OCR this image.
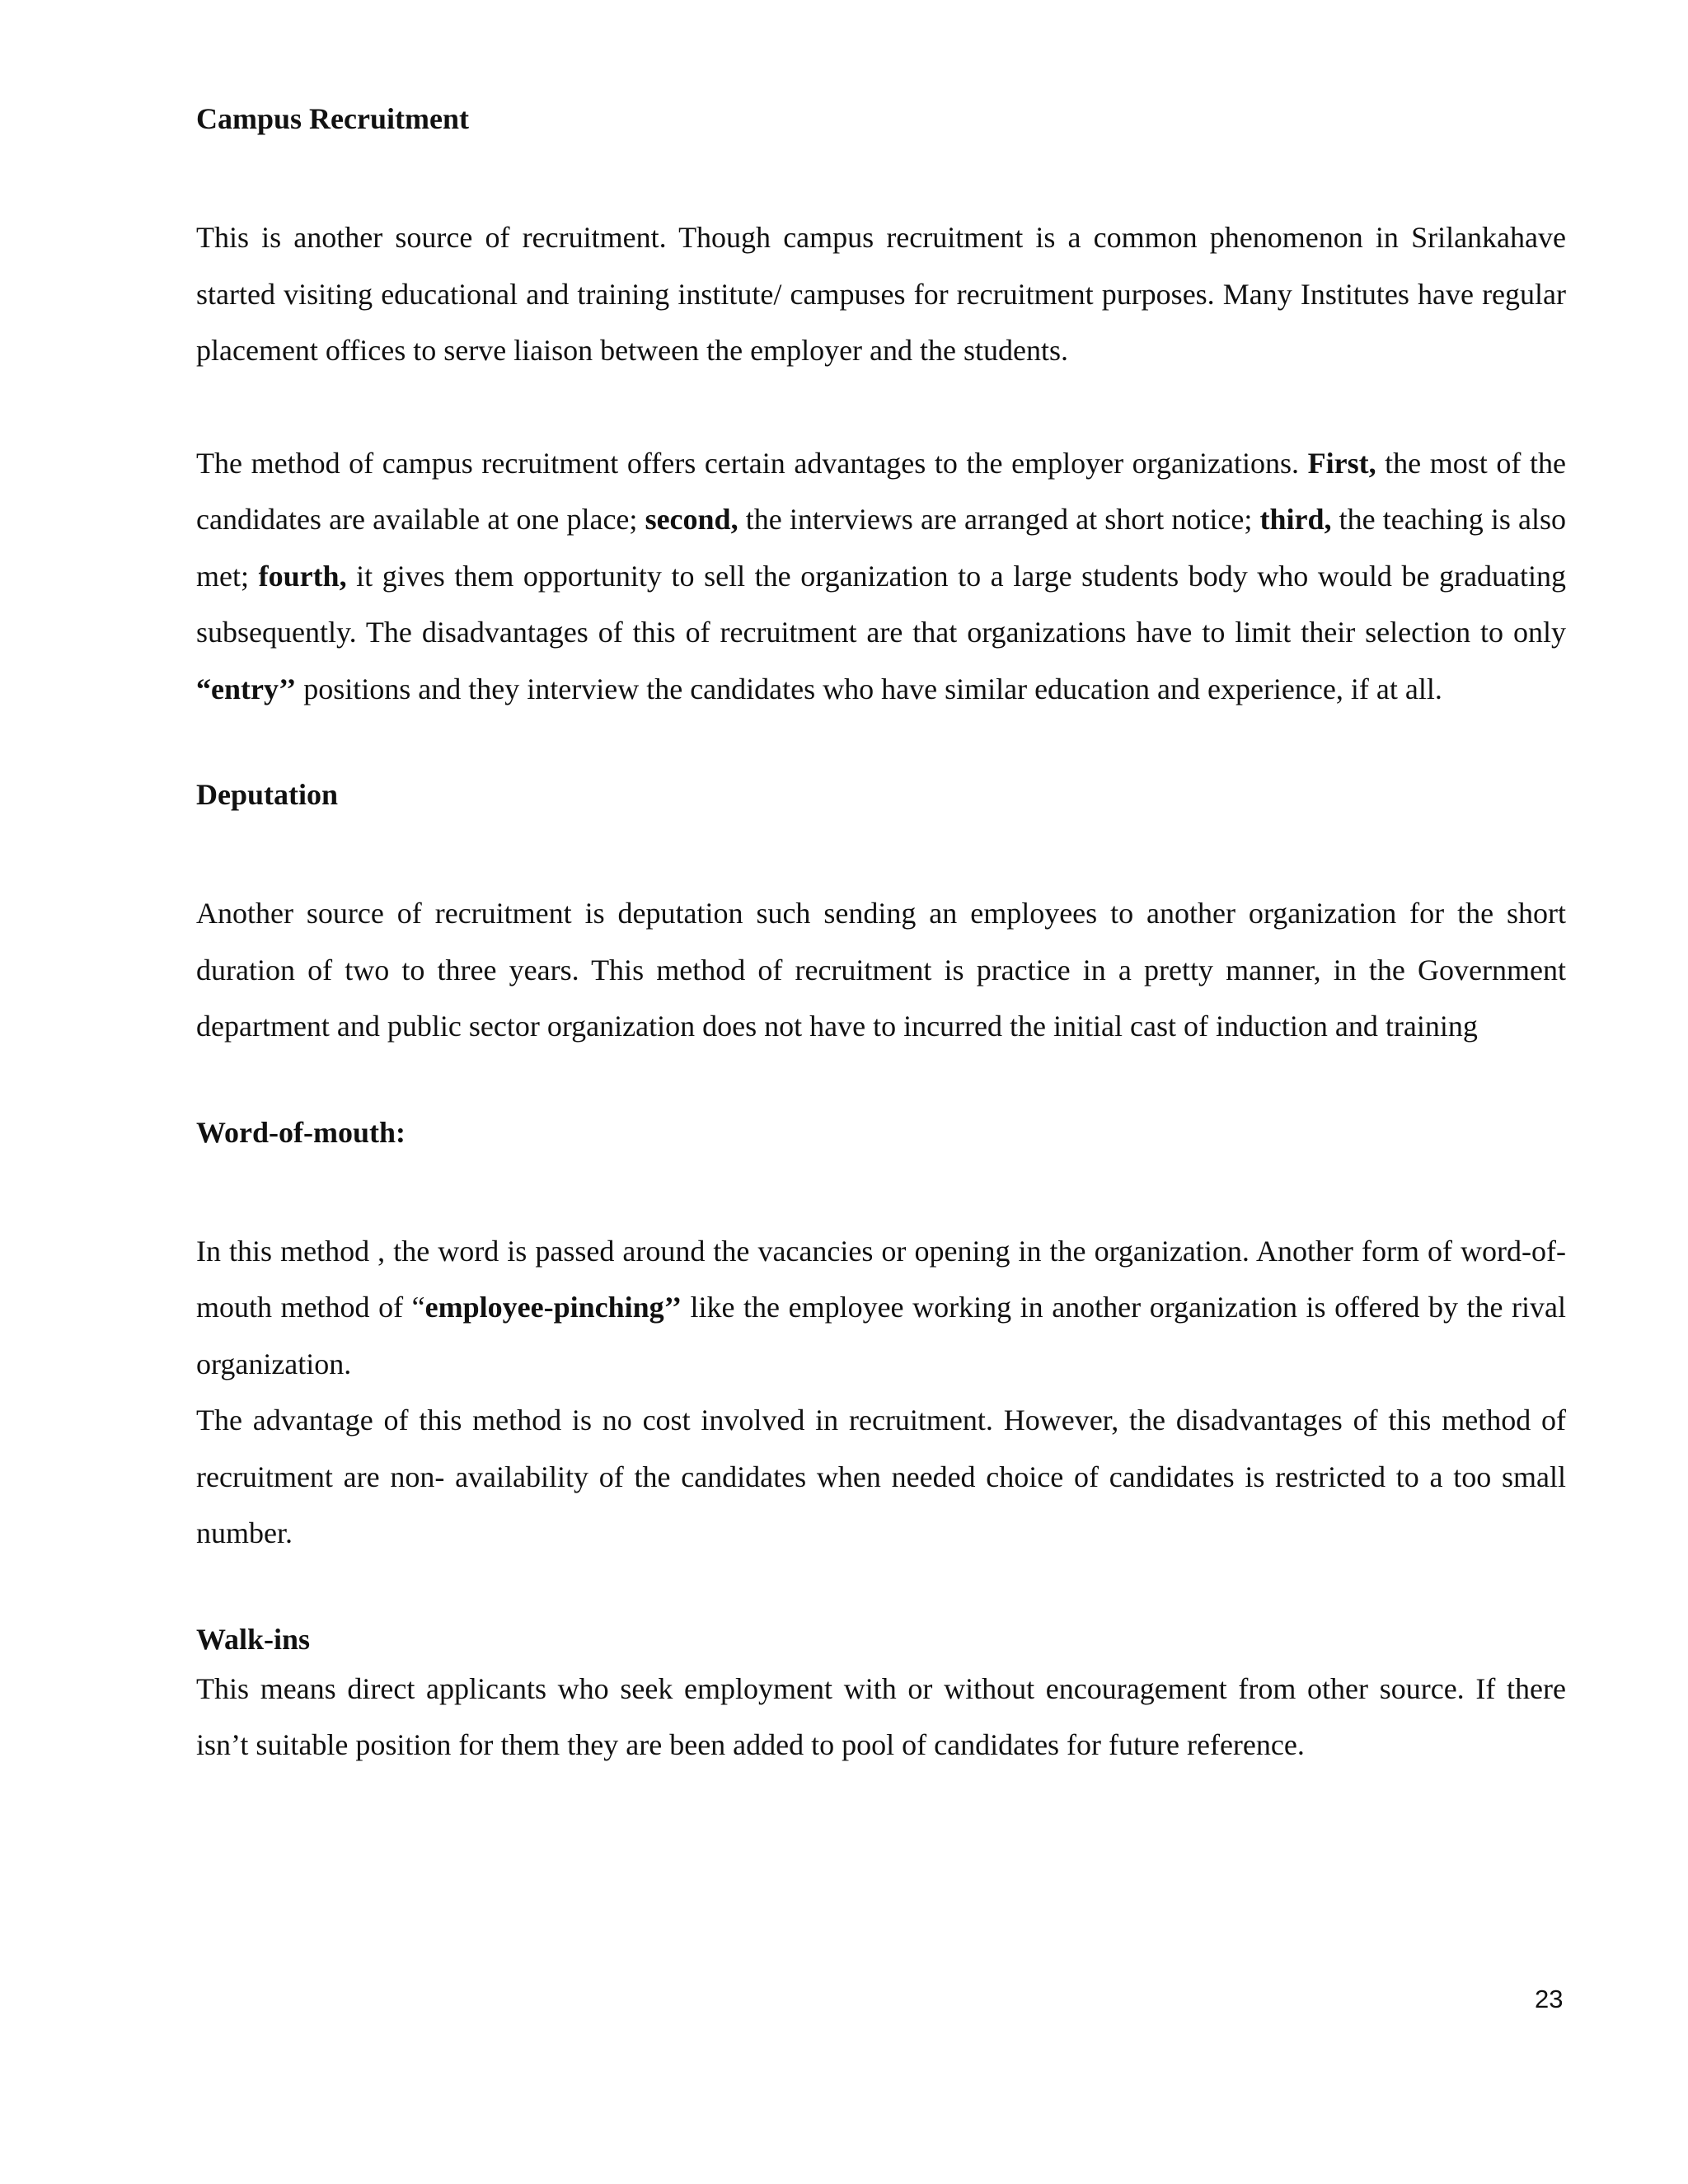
Campus Recruitment

This is another source of recruitment. Though campus recruitment is a common phenomenon in Srilankahave started visiting educational and training institute/ campuses for recruitment purposes. Many Institutes have regular placement offices to serve liaison between the employer and the students.

The method of campus recruitment offers certain advantages to the employer organizations. First, the most of the candidates are available at one place; second, the interviews are arranged at short notice; third, the teaching is also met; fourth, it gives them opportunity to sell the organization to a large students body who would be graduating subsequently. The disadvantages of this of recruitment are that organizations have to limit their selection to only “entry’’ positions and they interview the candidates who have similar education and experience, if at all.

Deputation

Another source of recruitment is deputation such sending an employees to another organization for the short duration of two to three years. This method of recruitment is practice in a pretty manner, in the Government department and public sector organization does not have to incurred the initial cast of induction and training

Word-of-mouth:

In this method , the word is passed around the vacancies or opening in the organization. Another form of word-of-mouth method of “employee-pinching’’ like the employee working in another organization is offered by the rival organization.

The advantage of this method is no cost involved in recruitment. However, the disadvantages of this method of recruitment are non- availability of the candidates when needed choice of candidates is restricted to a too small number.

Walk-ins

This means direct applicants who seek employment with or without encouragement from other source. If there isn’t suitable position for them they are been added to pool of candidates for future reference.

23
